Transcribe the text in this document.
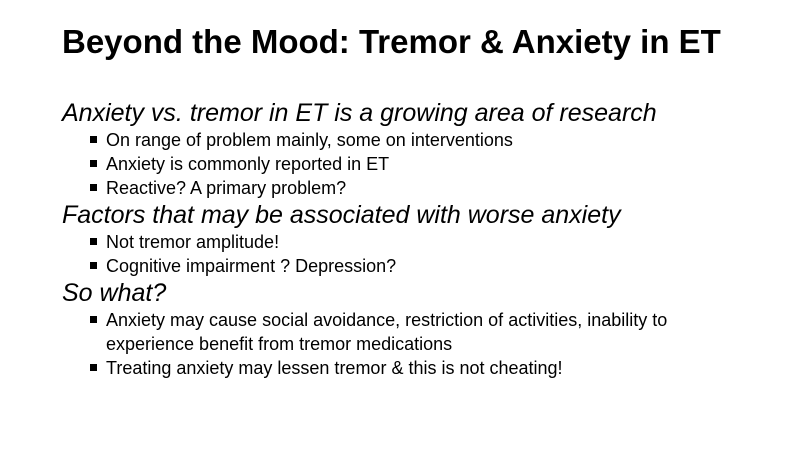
Beyond the Mood: Tremor & Anxiety in ET

Anxiety vs. tremor in ET is a growing area of research

On range of problem mainly, some on interventions
Anxiety is commonly reported in ET
Reactive? A primary problem?

Factors that may be associated with worse anxiety

Not tremor amplitude!
Cognitive impairment ? Depression?

So what?

Anxiety may cause social avoidance, restriction of activities, inability to experience benefit from tremor medications
Treating anxiety may lessen tremor & this is not cheating!
